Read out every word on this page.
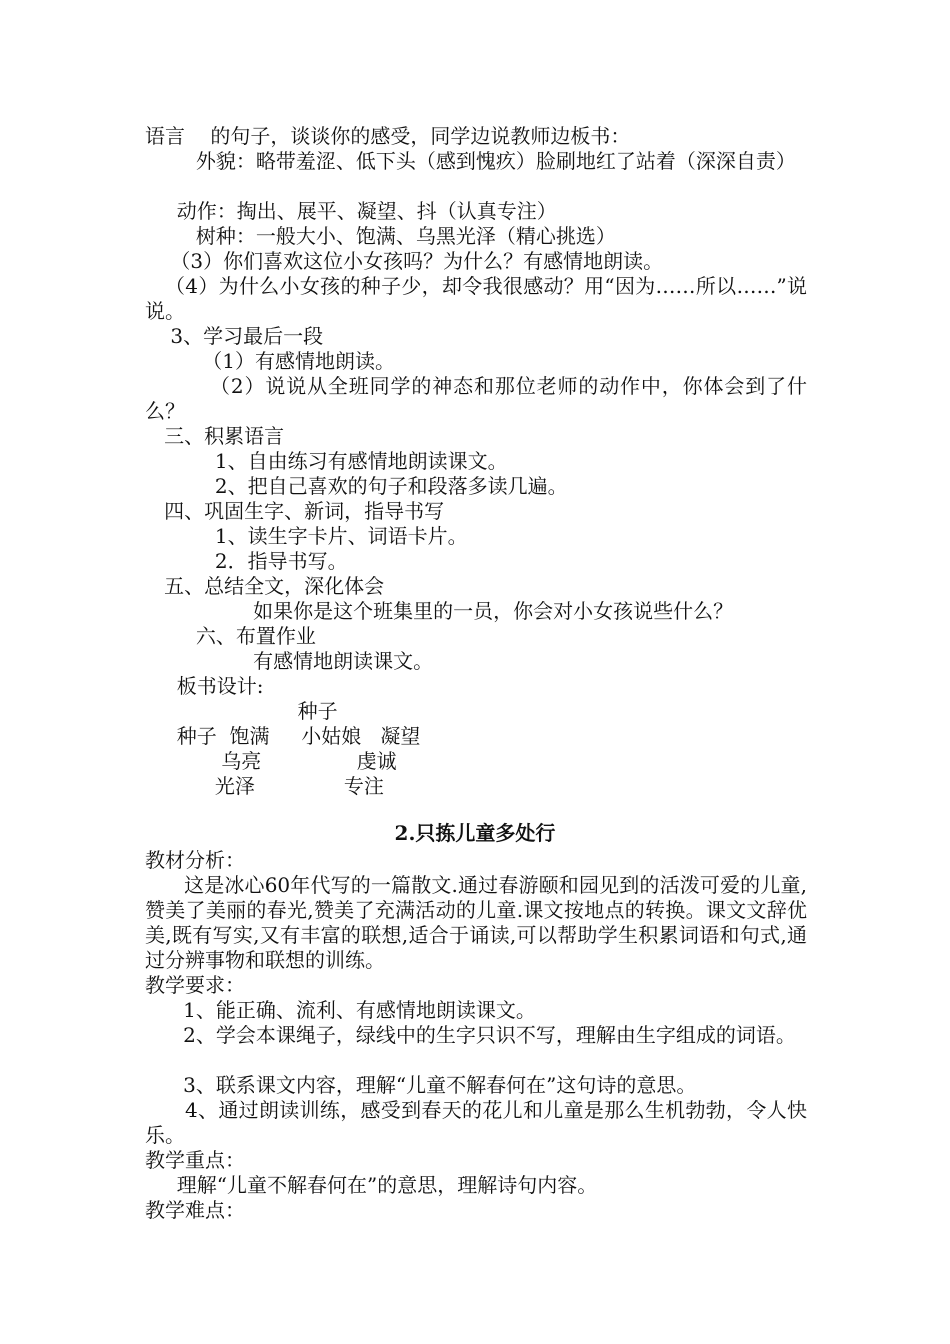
语言    的句子，谈谈你的感受，同学边说教师边板书：
外貌：略带羞涩、低下头（感到愧疚）脸刷地红了站着（深深自责）
动作：掏出、展平、凝望、抖（认真专注）
树种：一般大小、饱满、乌黑光泽（精心挑选）
（3）你们喜欢这位小女孩吗？为什么？有感情地朗读。
（4）为什么小女孩的种子少，却令我很感动？用“因为……所以……”说说。
3、学习最后一段
（1）有感情地朗读。
（2）说说从全班同学的神态和那位老师的动作中，你体会到了什么？
三、积累语言
1、自由练习有感情地朗读课文。
2、把自己喜欢的句子和段落多读几遍。
四、巩固生字、新词，指导书写
1、读生字卡片、词语卡片。
2．指导书写。
五、总结全文，深化体会
如果你是这个班集里的一员，你会对小女孩说些什么？
六、布置作业
有感情地朗读课文。
板书设计:
种子
种子  饱满     小姑娘   凝望
乌亮               虔诚
光泽              专注
2.只拣儿童多处行
教材分析：
这是冰心60年代写的一篇散文.通过春游颐和园见到的活泼可爱的儿童,赞美了美丽的春光,赞美了充满活动的儿童.课文按地点的转换。课文文辞优美,既有写实,又有丰富的联想,适合于诵读,可以帮助学生积累词语和句式,通过分辨事物和联想的训练。
教学要求：
1、能正确、流利、有感情地朗读课文。
2、学会本课绳子，绿线中的生字只识不写，理解由生字组成的词语。
3、联系课文内容，理解“儿童不解春何在”这句诗的意思。
4、通过朗读训练，感受到春天的花儿和儿童是那么生机勃勃，令人快乐。
教学重点：
理解“儿童不解春何在”的意思，理解诗句内容。
教学难点：
